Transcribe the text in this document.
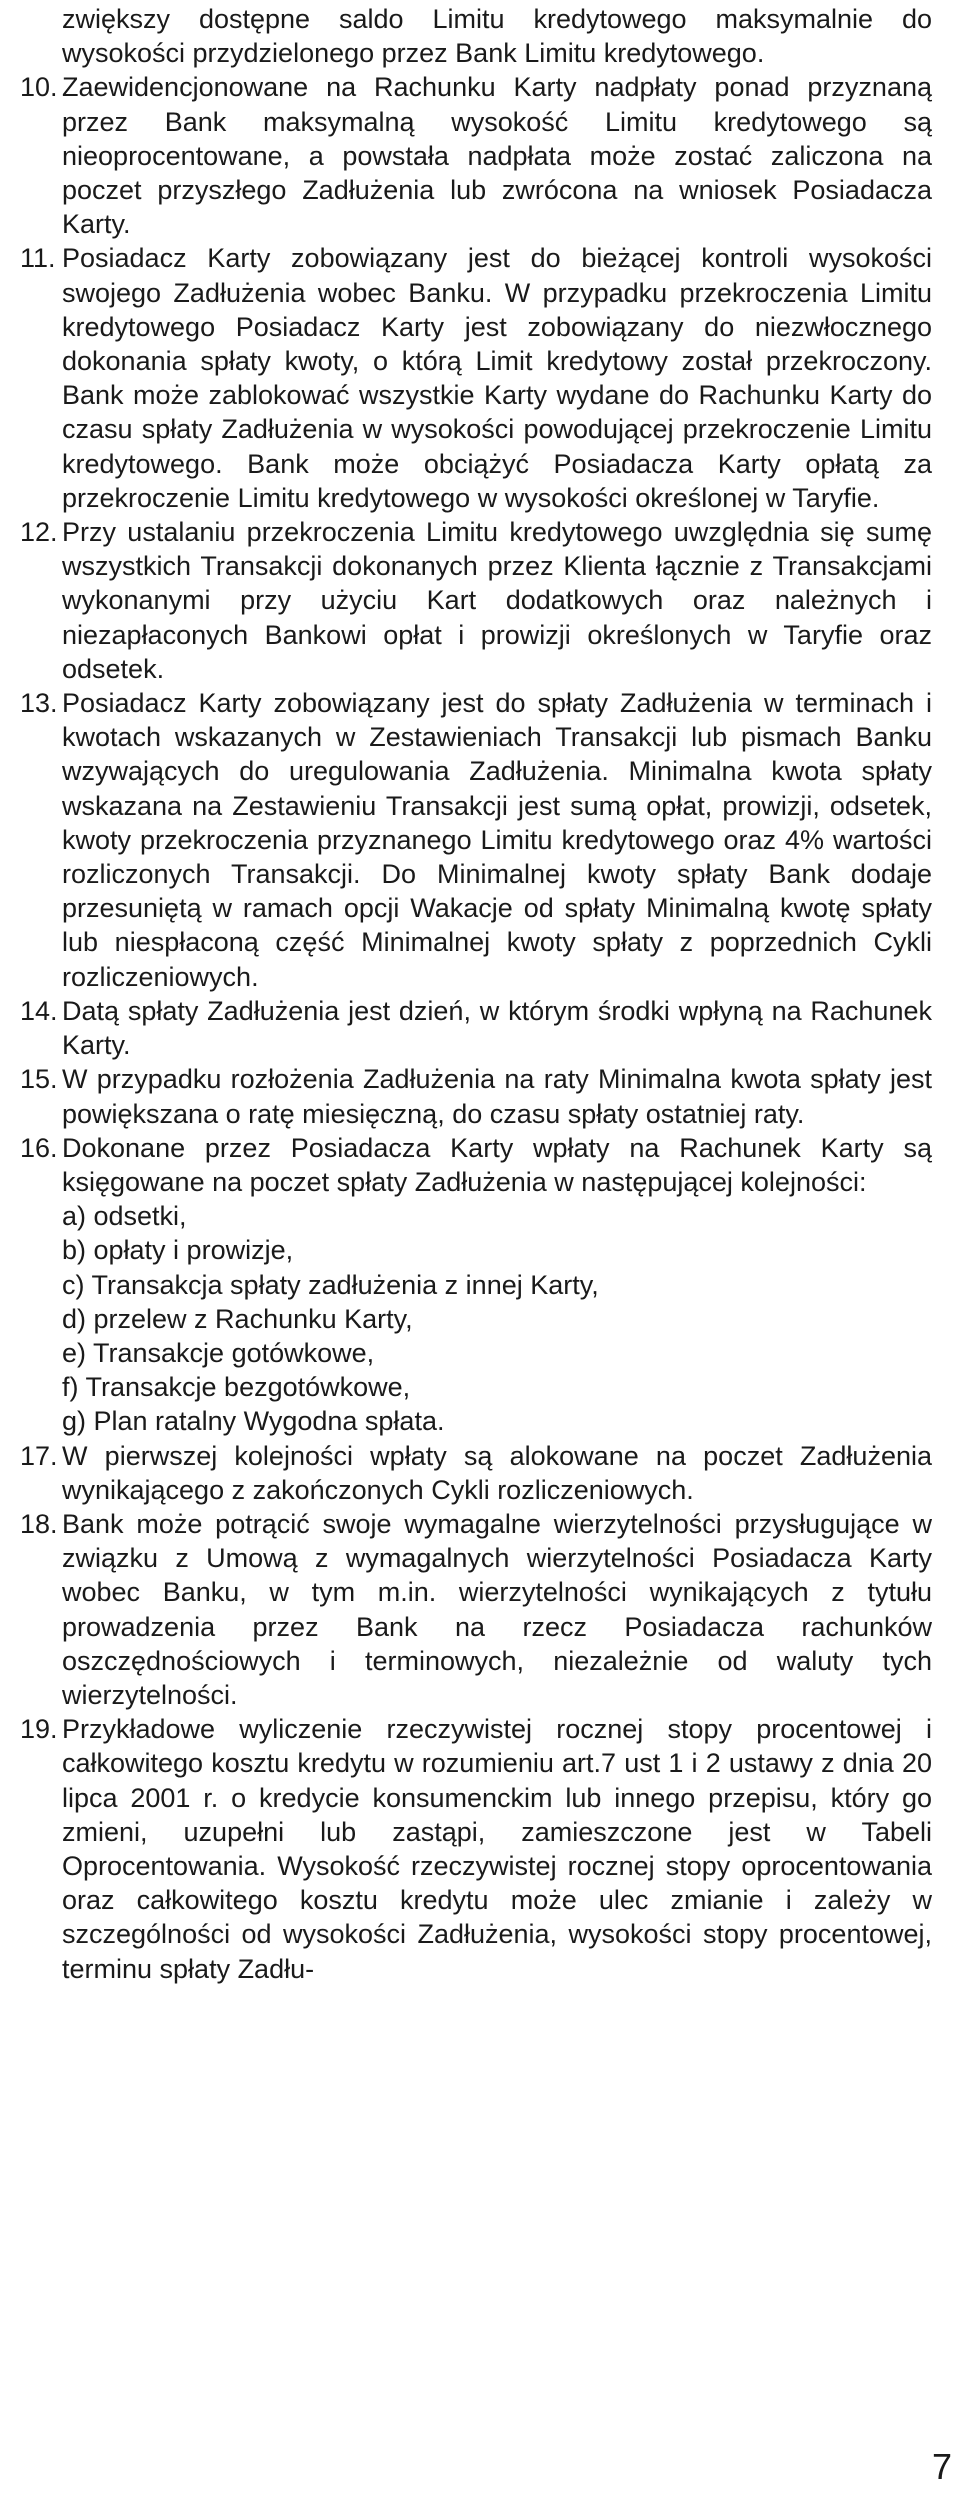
zwiększy dostępne saldo Limitu kredytowego maksymalnie do wysokości przydzielonego przez Bank Limitu kredytowego.
10. Zaewidencjonowane na Rachunku Karty nadpłaty ponad przyznaną przez Bank maksymalną wysokość Limitu kredytowego są nieoprocentowane, a powstała nadpłata może zostać zaliczona na poczet przyszłego Zadłużenia lub zwrócona na wniosek Posiadacza Karty.
11. Posiadacz Karty zobowiązany jest do bieżącej kontroli wysokości swojego Zadłużenia wobec Banku. W przypadku przekroczenia Limitu kredytowego Posiadacz Karty jest zobowiązany do niezwłocznego dokonania spłaty kwoty, o którą Limit kredytowy został przekroczony. Bank może zablokować wszystkie Karty wydane do Rachunku Karty do czasu spłaty Zadłużenia w wysokości powodującej przekroczenie Limitu kredytowego. Bank może obciążyć Posiadacza Karty opłatą za przekroczenie Limitu kredytowego w wysokości określonej w Taryfie.
12. Przy ustalaniu przekroczenia Limitu kredytowego uwzględnia się sumę wszystkich Transakcji dokonanych przez Klienta łącznie z Transakcjami wykonanymi przy użyciu Kart dodatkowych oraz należnych i niezapłaconych Bankowi opłat i prowizji określonych w Taryfie oraz odsetek.
13. Posiadacz Karty zobowiązany jest do spłaty Zadłużenia w terminach i kwotach wskazanych w Zestawieniach Transakcji lub pismach Banku wzywających do uregulowania Zadłużenia. Minimalna kwota spłaty wskazana na Zestawieniu Transakcji jest sumą opłat, prowizji, odsetek, kwoty przekroczenia przyznanego Limitu kredytowego oraz 4% wartości rozliczonych Transakcji. Do Minimalnej kwoty spłaty Bank dodaje przesuniętą w ramach opcji Wakacje od spłaty Minimalną kwotę spłaty lub niespłaconą część Minimalnej kwoty spłaty z poprzednich Cykli rozliczeniowych.
14. Datą spłaty Zadłużenia jest dzień, w którym środki wpłyną na Rachunek Karty.
15. W przypadku rozłożenia Zadłużenia na raty Minimalna kwota spłaty jest powiększana o ratę miesięczną, do czasu spłaty ostatniej raty.
16. Dokonane przez Posiadacza Karty wpłaty na Rachunek Karty są księgowane na poczet spłaty Zadłużenia w następującej kolejności:

a) odsetki,
b) opłaty i prowizje,
c) Transakcja spłaty zadłużenia z innej Karty,
d) przelew z Rachunku Karty,
e) Transakcje gotówkowe,
f) Transakcje bezgotówkowe,
g) Plan ratalny Wygodna spłata.
17. W pierwszej kolejności wpłaty są alokowane na poczet Zadłużenia wynikającego z zakończonych Cykli rozliczeniowych.
18. Bank może potrącić swoje wymagalne wierzytelności przysługujące w związku z Umową z wymagalnych wierzytelności Posiadacza Karty wobec Banku, w tym m.in. wierzytelności wynikających z tytułu prowadzenia przez Bank na rzecz Posiadacza rachunków oszczędnościowych i terminowych, niezależnie od waluty tych wierzytelności.
19. Przykładowe wyliczenie rzeczywistej rocznej stopy procentowej i całkowitego kosztu kredytu w rozumieniu art.7 ust 1 i 2 ustawy z dnia 20 lipca 2001 r. o kredycie konsumenckim lub innego przepisu, który go zmieni, uzupełni lub zastąpi, zamieszczone jest w Tabeli Oprocentowania. Wysokość rzeczywistej rocznej stopy oprocentowania oraz całkowitego kosztu kredytu może ulec zmianie i zależy w szczególności od wysokości Zadłużenia, wysokości stopy procentowej, terminu spłaty Zadłu-
7
